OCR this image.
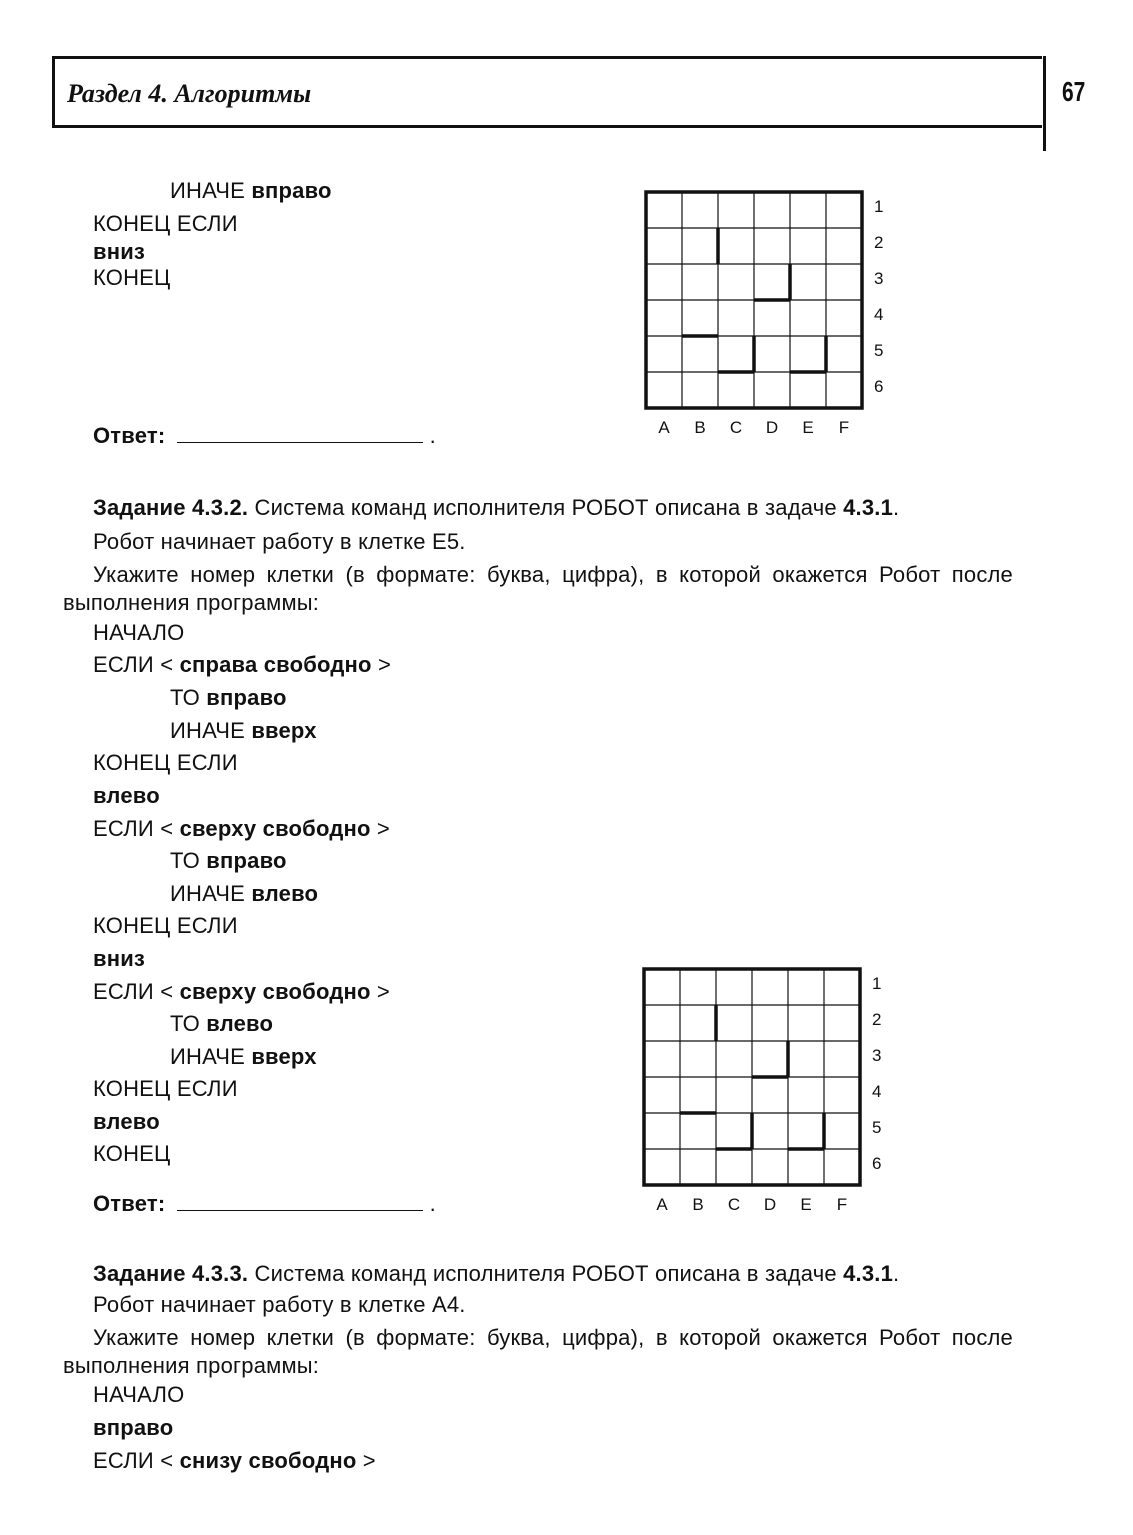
Раздел 4. Алгоритмы	67
ИНАЧЕ вправо
КОНЕЦ ЕСЛИ
вниз
КОНЕЦ
Ответ:	.
1
2
3
4
5
6
A B C D E F
Задание 4.3.2. Система команд исполнителя РОБОТ описана в задаче 4.3.1.
Робот начинает работу в клетке E5.
Укажите номер клетки (в формате: буква, цифра), в которой окажется Робот после выполнения программы:
НАЧАЛО
ЕСЛИ < справа свободно >
ТО вправо
ИНАЧЕ вверх
КОНЕЦ ЕСЛИ
влево
ЕСЛИ < сверху свободно >
ТО вправо
ИНАЧЕ влево
КОНЕЦ ЕСЛИ
вниз
ЕСЛИ < сверху свободно >
ТО влево
ИНАЧЕ вверх
КОНЕЦ ЕСЛИ
влево
КОНЕЦ
Ответ:	.
1
2
3
4
5
6
A B C D E F
Задание 4.3.3. Система команд исполнителя РОБОТ описана в задаче 4.3.1.
Робот начинает работу в клетке A4.
Укажите номер клетки (в формате: буква, цифра), в которой окажется Робот после выполнения программы:
НАЧАЛО
вправо
ЕСЛИ < снизу свободно >
